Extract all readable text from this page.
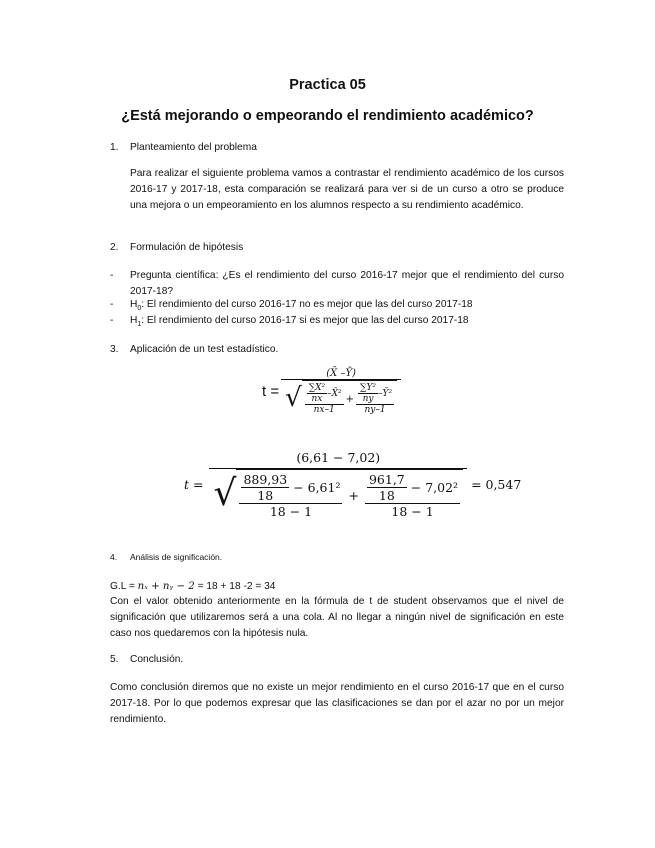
Practica 05
¿Está mejorando o empeorando el rendimiento académico?
1. Planteamiento del problema
Para realizar el siguiente problema vamos a contrastar el rendimiento académico de los cursos 2016-17 y 2017-18, esta comparación se realizará para ver si de un curso a otro se produce una mejora o un empeoramiento en los alumnos respecto a su rendimiento académico.
2. Formulación de hipótesis
- Pregunta científica: ¿Es el rendimiento del curso 2016-17 mejor que el rendimiento del curso 2017-18?
- $H_0$: El rendimiento del curso 2016-17 no es mejor que las del curso 2017-18
- $H_1$: El rendimiento del curso 2016-17 si es mejor que las del curso 2017-18
3. Aplicación de un test estadístico.
t =
(X̄ –Ȳ)
√ $\frac{\frac{\text{∑X²}}{nx} -X̄^2}{nx-1} + \frac{\frac{\text{∑Y²}}{ny} -Ȳ^2}{ny-1}$
t =
(6,61 − 7,02)
√ $\frac{889,93}{18} - 6,61^2$
18 − 1
+ $\frac{961,7}{18} - 7,02^2$
18 − 1
= 0,547
4. Análisis de significación.
G.L = nₓ + nᵧ − 2 = 18 + 18 -2 = 34
Con el valor obtenido anteriormente en la fórmula de t de student observamos que el nivel de significación que utilizaremos será a una cola. Al no llegar a ningún nivel de significación en este caso nos quedaremos con la hipótesis nula.
5. Conclusión.
Como conclusión diremos que no existe un mejor rendimiento en el curso 2016-17 que en el curso 2017-18. Por lo que podemos expresar que las clasificaciones se dan por el azar no por un mejor rendimiento.
